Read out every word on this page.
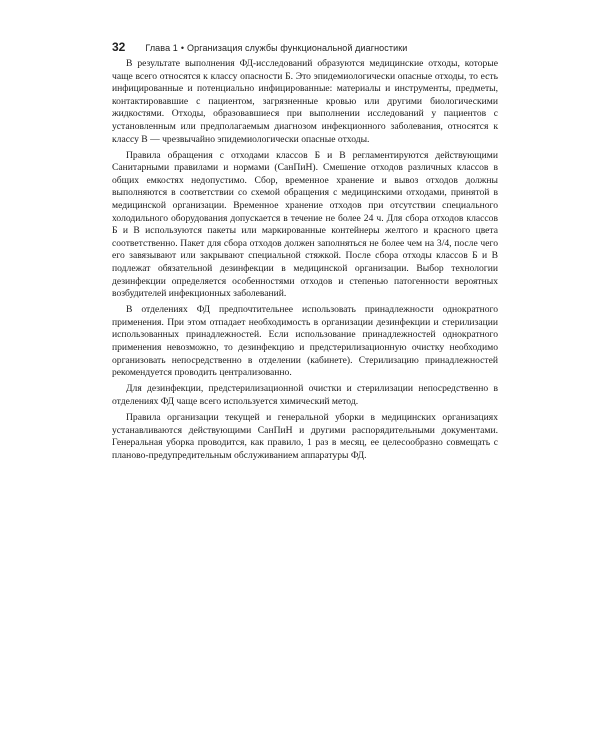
32 Глава 1 • Организация службы функциональной диагностики

В результате выполнения ФД-исследований образуются медицинские отходы, которые чаще всего относятся к классу опасности Б. Это эпидемиологически опасные отходы, то есть инфицированные и потенциально инфицированные: материалы и инструменты, предметы, контактировавшие с пациентом, загрязненные кровью или другими биологическими жидкостями. Отходы, образовавшиеся при выполнении исследований у пациентов с установленным или предполагаемым диагнозом инфекционного заболевания, относятся к классу В — чрезвычайно эпидемиологически опасные отходы.

Правила обращения с отходами классов Б и В регламентируются действующими Санитарными правилами и нормами (СанПиН). Смешение отходов различных классов в общих емкостях недопустимо. Сбор, временное хранение и вывоз отходов должны выполняются в соответствии со схемой обращения с медицинскими отходами, принятой в медицинской организации. Временное хранение отходов при отсутствии специального холодильного оборудования допускается в течение не более 24 ч. Для сбора отходов классов Б и В используются пакеты или маркированные контейнеры желтого и красного цвета соответственно. Пакет для сбора отходов должен заполняться не более чем на 3/4, после чего его завязывают или закрывают специальной стяжкой. После сбора отходы классов Б и В подлежат обязательной дезинфекции в медицинской организации. Выбор технологии дезинфекции определяется особенностями отходов и степенью патогенности вероятных возбудителей инфекционных заболеваний.

В отделениях ФД предпочтительнее использовать принадлежности однократного применения. При этом отпадает необходимость в организации дезинфекции и стерилизации использованных принадлежностей. Если использование принадлежностей однократного применения невозможно, то дезинфекцию и предстерилизационную очистку необходимо организовать непосредственно в отделении (кабинете). Стерилизацию принадлежностей рекомендуется проводить централизованно.

Для дезинфекции, предстерилизационной очистки и стерилизации непосредственно в отделениях ФД чаще всего используется химический метод.

Правила организации текущей и генеральной уборки в медицинских организациях устанавливаются действующими СанПиН и другими распорядительными документами. Генеральная уборка проводится, как правило, 1 раз в месяц, ее целесообразно совмещать с планово-предупредительным обслуживанием аппаратуры ФД.
